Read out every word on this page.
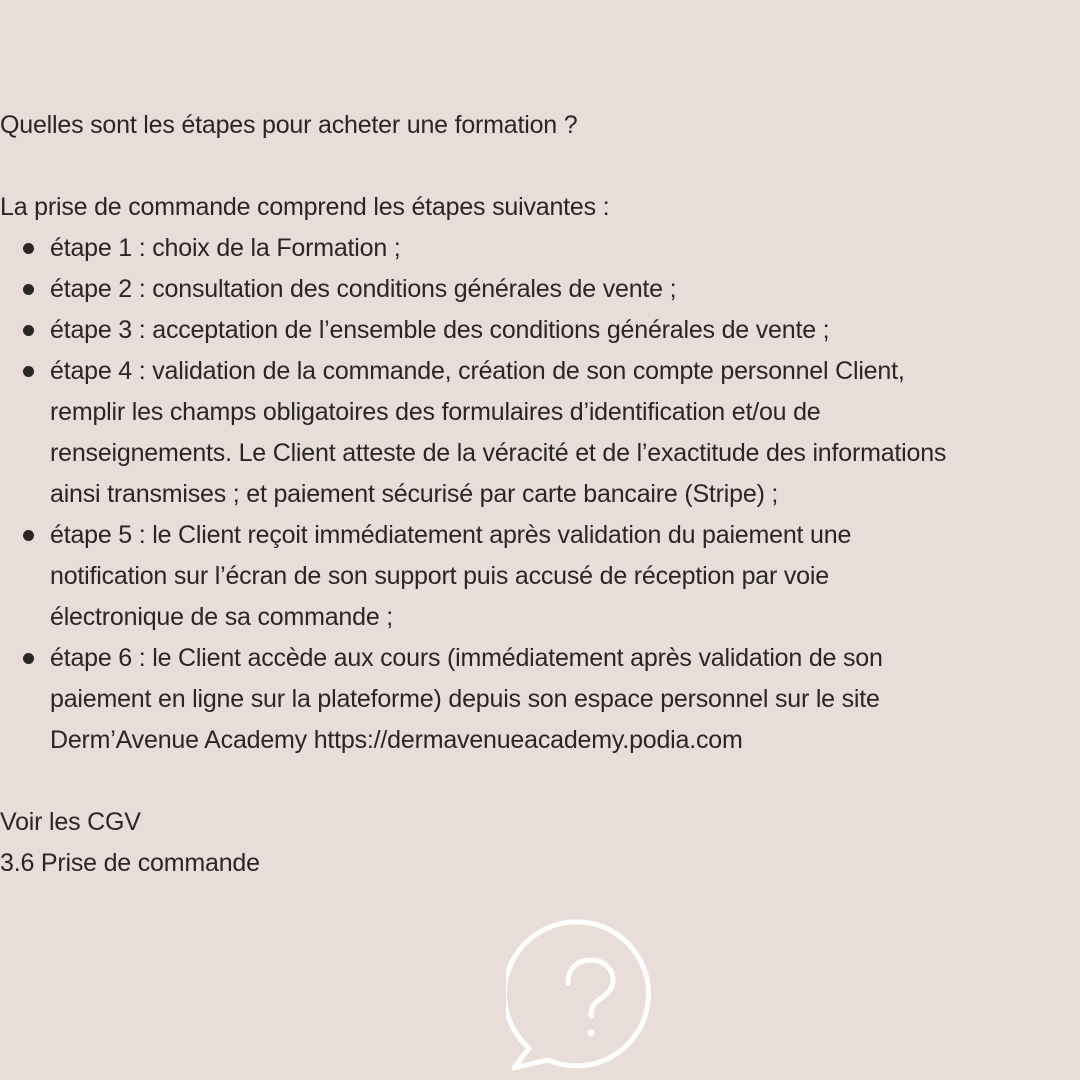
Quelles sont les étapes pour acheter une formation ?

La prise de commande comprend les étapes suivantes :

étape 1 : choix de la Formation ;
étape 2 : consultation des conditions générales de vente ;
étape 3 : acceptation de l’ensemble des conditions générales de vente ;
étape 4 : validation de la commande, création de son compte personnel Client,
remplir les champs obligatoires des formulaires d’identification et/ou de
renseignements. Le Client atteste de la véracité et de l’exactitude des informations
ainsi transmises ; et paiement sécurisé par carte bancaire (Stripe) ;
étape 5 : le Client reçoit immédiatement après validation du paiement une
notification sur l’écran de son support puis accusé de réception par voie
électronique de sa commande ;
étape 6 : le Client accède aux cours (immédiatement après validation de son
paiement en ligne sur la plateforme) depuis son espace personnel sur le site
Derm’Avenue Academy https://dermavenueacademy.podia.com

Voir les CGV

3.6 Prise de commande
